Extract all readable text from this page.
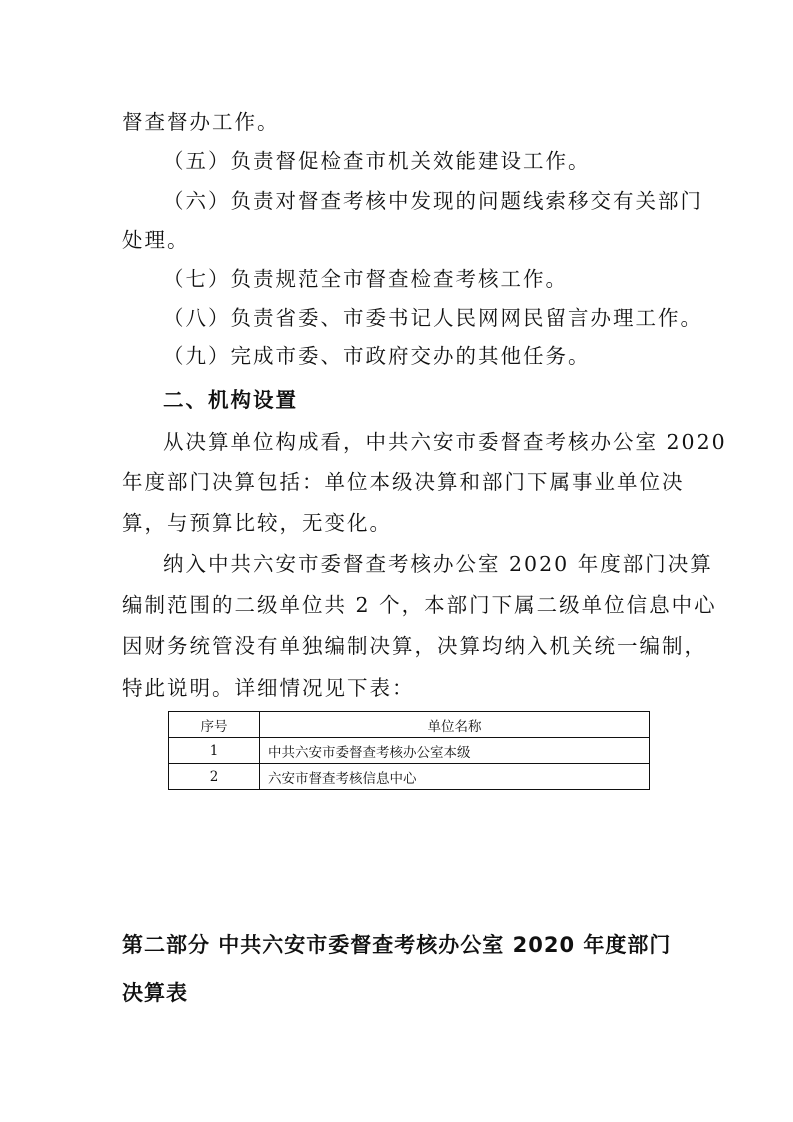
督查督办工作。
（五）负责督促检查市机关效能建设工作。
（六）负责对督查考核中发现的问题线索移交有关部门
处理。
（七）负责规范全市督查检查考核工作。
（八）负责省委、市委书记人民网网民留言办理工作。
（九）完成市委、市政府交办的其他任务。
二、机构设置
从决算单位构成看，中共六安市委督查考核办公室 2020
年度部门决算包括：单位本级决算和部门下属事业单位决
算，与预算比较，无变化。
纳入中共六安市委督查考核办公室 2020 年度部门决算
编制范围的二级单位共 2 个，本部门下属二级单位信息中心
因财务统管没有单独编制决算，决算均纳入机关统一编制，
特此说明。详细情况见下表：
序号	单位名称
1	中共六安市委督查考核办公室本级
2	六安市督查考核信息中心
第二部分 中共六安市委督查考核办公室 2020 年度部门决算表
